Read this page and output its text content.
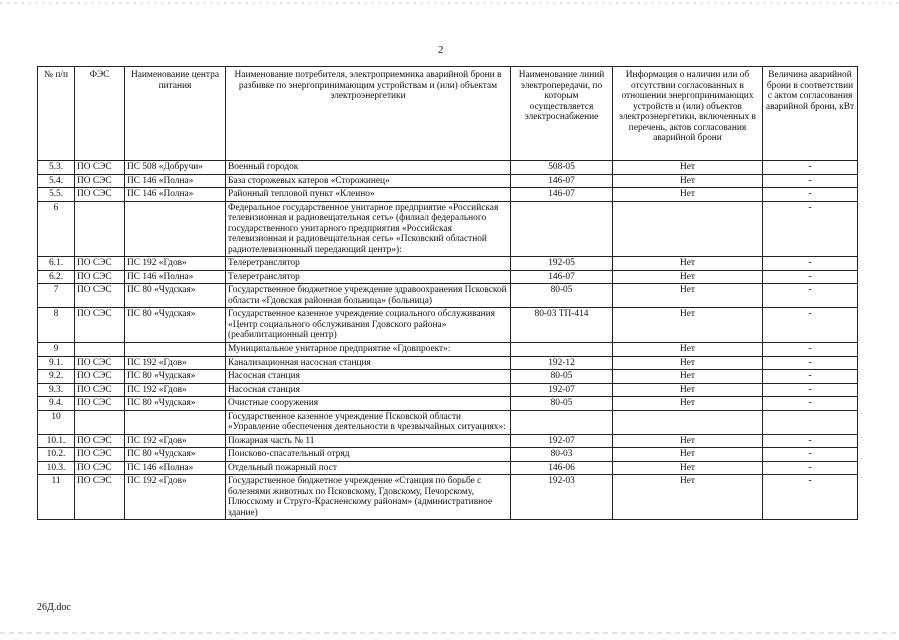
2
№ п/п	ФЭС	Наименование центра питания	Наименование потребителя, электроприемника аварийной брони в разбивке по энергопринимающим устройствам и (или) объектам электроэнергетики	Наименование линий электропередачи, по которым осуществляется электроснабжение	Информация о наличии или об отсутствии согласованных в отношении энергопринимающих устройств и (или) объектов электроэнергетики, включенных в перечень, актов согласования аварийной брони	Величина аварийной брони в соответствии с актом согласования аварийной брони, кВт
5.3.	ПО СЭС	ПС 508 «Добручи»	Военный городок	508-05	Нет	-
5.4.	ПО СЭС	ПС 146 «Полна»	База сторожевых катеров «Сторожинец»	146-07	Нет	-
5.5.	ПО СЭС	ПС 146 «Полна»	Районный тепловой пункт «Клеино»	146-07	Нет	-
6			Федеральное государственное унитарное предприятие «Российская телевизионная и радиовещательная сеть» (филиал федерального государственного унитарного предприятия «Российская телевизионная и радиовещательная сеть» «Псковский областной радиотелевизионный передающий центр»):			-
6.1.	ПО СЭС	ПС 192 «Гдов»	Телеретранслятор	192-05	Нет	-
6.2.	ПО СЭС	ПС 146 «Полна»	Телеретранслятор	146-07	Нет	-
7	ПО СЭС	ПС 80 «Чудская»	Государственное бюджетное учреждение здравоохранения Псковской области «Гдовская районная больница» (больница)	80-05	Нет	-
8	ПО СЭС	ПС 80 «Чудская»	Государственное казенное учреждение социального обслуживания «Центр социального обслуживания Гдовского района» (реабилитационный центр)	80-03 ТП-414	Нет	-
9			Муниципальное унитарное предприятие «Гдовпроект»:		Нет	-
9.1.	ПО СЭС	ПС 192 «Гдов»	Канализационная насосная станция	192-12	Нет	-
9.2.	ПО СЭС	ПС 80 «Чудская»	Насосная станция	80-05	Нет	-
9.3.	ПО СЭС	ПС 192 «Гдов»	Насосная станция	192-07	Нет	-
9.4.	ПО СЭС	ПС 80 «Чудская»	Очистные сооружения	80-05	Нет	-
10			Государственное казенное учреждение Псковской области «Управление обеспечения деятельности в чрезвычайных ситуациях»:			
10.1.	ПО СЭС	ПС 192 «Гдов»	Пожарная часть № 11	192-07	Нет	-
10.2.	ПО СЭС	ПС 80 «Чудская»	Поисково-спасательный отряд	80-03	Нет	-
10.3.	ПО СЭС	ПС 146 «Полна»	Отдельный пожарный пост	146-06	Нет	-
11	ПО СЭС	ПС 192 «Гдов»	Государственное бюджетное учреждение «Станция по борьбе с болезнями животных по Псковскому, Гдовскому, Печорскому, Плюсскому и Струго-Красненскому районам» (административное здание)	192-03	Нет	-
26Д.doc
